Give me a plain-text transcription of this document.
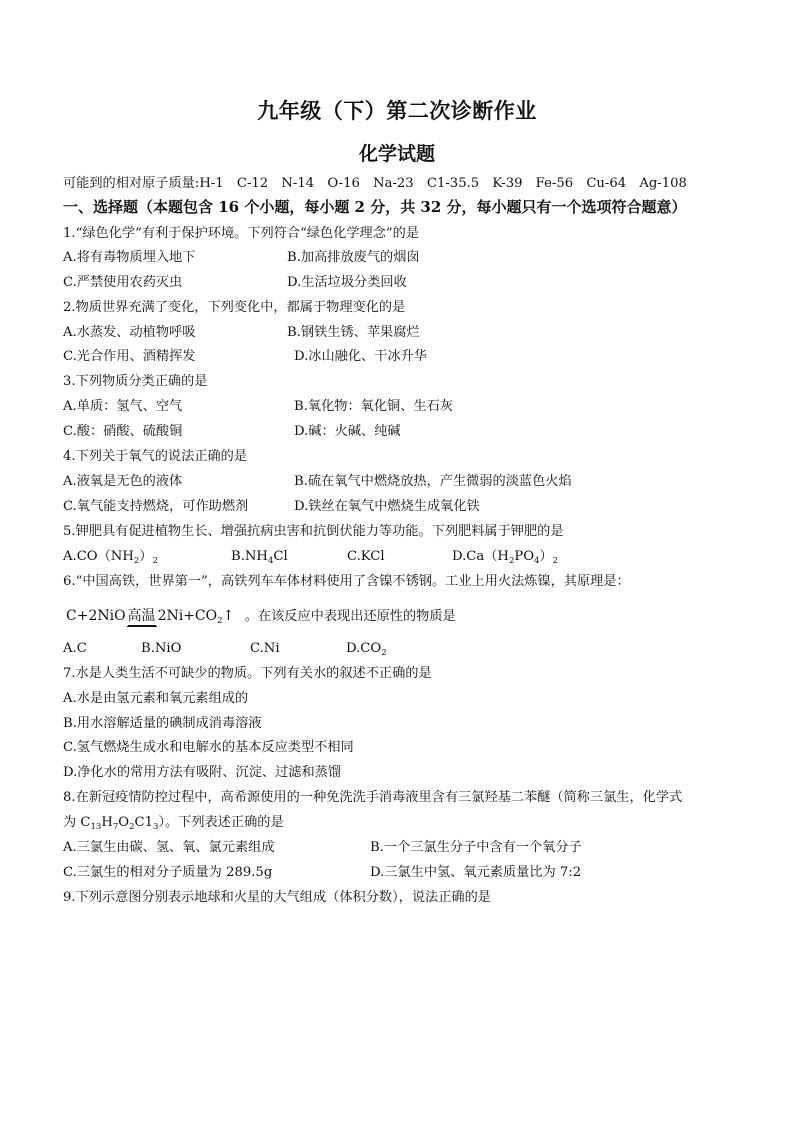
九年级（下）第二次诊断作业
化学试题
可能到的相对原子质量:H-1　C-12　N-14　O-16　Na-23　C1-35.5　K-39　Fe-56　Cu-64　Ag-108
一、选择题（本题包含 16 个小题，每小题 2 分，共 32 分，每小题只有一个选项符合题意）
1.“绿色化学”有利于保护环境。下列符合“绿色化学理念”的是
A.将有毒物质埋入地下	B.加高排放废气的烟囱
C.严禁使用农药灭虫	D.生活垃圾分类回收
2.物质世界充满了变化，下列变化中，都属于物理变化的是
A.水蒸发、动植物呼吸	B.钢铁生锈、苹果腐烂
C.光合作用、酒精挥发	D.冰山融化、干冰升华
3.下列物质分类正确的是
A.单质：氢气、空气	B.氧化物：氧化铜、生石灰
C.酸：硝酸、硫酸铜	D.碱：火碱、纯碱
4.下列关于氧气的说法正确的是
A.液氧是无色的液体	B.硫在氧气中燃烧放热，产生微弱的淡蓝色火焰
C.氧气能支持燃烧，可作助燃剂	D.铁丝在氧气中燃烧生成氧化铁
5.钾肥具有促进植物生长、增强抗病虫害和抗倒伏能力等功能。下列肥料属于钾肥的是
$A.CO(NH_2)_2$	$B.NH_4Cl$	C.KCl	$D.Ca(H_2PO_4)_2$
6.“中国高铁，世界第一”，高铁列车车体材料使用了含镍不锈钢。工业上用火法炼镍，其原理是：
C+2NiO 高温 $2Ni+CO_2↑$ 。在该反应中表现出还原性的物质是
A.C	B.NiO	C.Ni	$D.CO_2$
7.水是人类生活不可缺少的物质。下列有关水的叙述不正确的是
A.水是由氢元素和氧元素组成的
B.用水溶解适量的碘制成消毒溶液
C.氢气燃烧生成水和电解水的基本反应类型不相同
D.净化水的常用方法有吸附、沉淀、过滤和蒸馏
8.在新冠疫情防控过程中，高希源使用的一种免洗洗手消毒液里含有三氯羟基二苯醚（简称三氯生，化学式
为 $C_{13}H_7O_2C1_3$）。下列表述正确的是
A.三氯生由碳、氢、氧、氯元素组成	B.一个三氯生分子中含有一个氧分子
C.三氯生的相对分子质量为 289.5g	D.三氯生中氢、氧元素质量比为 7:2
9.下列示意图分别表示地球和火星的大气组成（体积分数），说法正确的是
